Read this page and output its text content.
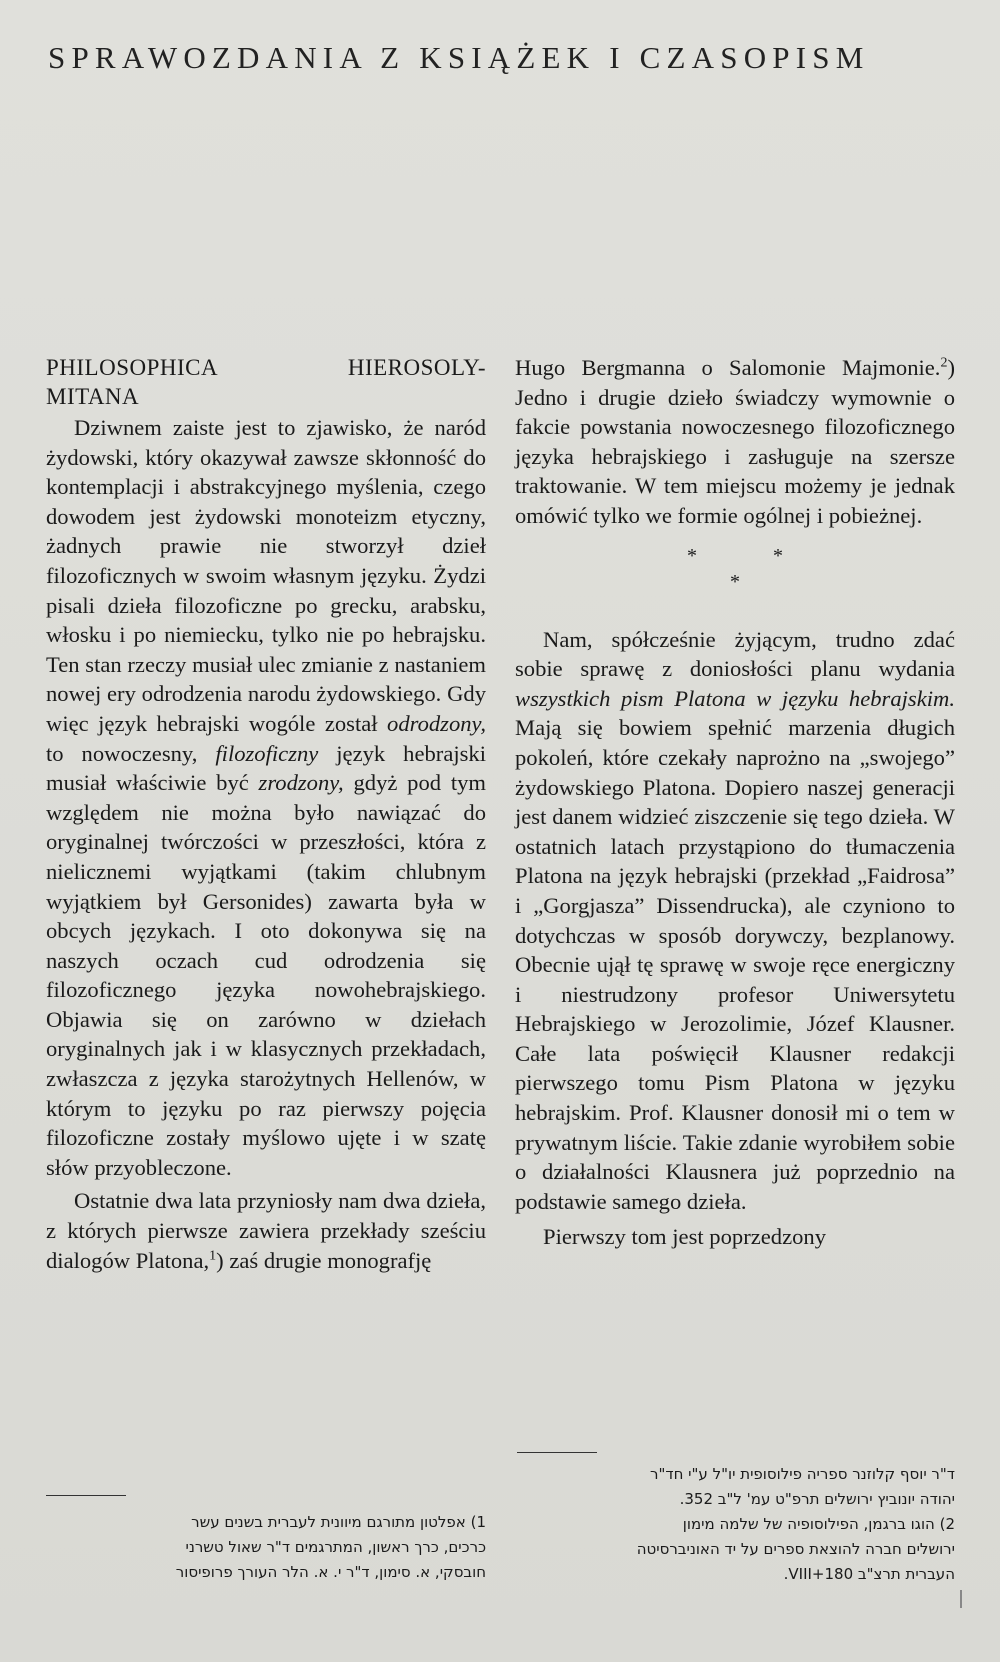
SPRAWOZDANIA Z KSIĄŻEK I CZASOPISM
PHILOSOPHICA	HIEROSOLY-
MITANA

Dziwnem zaiste jest to zjawisko, że naród żydowski, który okazywał zawsze skłonność do kontemplacji i abstrakcyjnego myślenia, czego dowodem jest żydowski monoteizm etyczny, żadnych prawie nie stworzył dzieł filozoficznych w swoim własnym języku. Żydzi pisali dzieła filozoficzne po grecku, arabsku, włosku i po niemiecku, tylko nie po hebrajsku. Ten stan rzeczy musiał ulec zmianie z nastaniem nowej ery odrodzenia narodu żydowskiego. Gdy więc język hebrajski wogóle został odrodzony, to nowoczesny, filozoficzny język hebrajski musiał właściwie być zrodzony, gdyż pod tym względem nie można było nawiązać do oryginalnej twórczości w przeszłości, która z nielicznemi wyjątkami (takim chlubnym wyjątkiem był Gersonides) zawarta była w obcych językach. I oto dokonywa się na naszych oczach cud odrodzenia się filozoficznego języka nowohebrajskiego. Objawia się on zarówno w dziełach oryginalnych jak i w klasycznych przekładach, zwłaszcza z języka starożytnych Hellenów, w którym to języku po raz pierwszy pojęcia filozoficzne zostały myślowo ujęte i w szatę słów przyobleczone.

Ostatnie dwa lata przyniosły nam dwa dzieła, z których pierwsze zawiera przekłady sześciu dialogów Platona,$^1$) zaś drugie monografję

Hugo Bergmanna o Salomonie Majmonie.$^2$) Jedno i drugie dzieło świadczy wymownie o fakcie powstania nowoczesnego filozoficznego języka hebrajskiego i zasługuje na szersze traktowanie. W tem miejscu możemy je jednak omówić tylko we formie ogólnej i pobieżnej.

*	*
*

Nam, spółcześnie żyjącym, trudno zdać sobie sprawę z doniosłości planu wydania wszystkich pism Platona w języku hebrajskim. Mają się bowiem spełnić marzenia długich pokoleń, które czekały naprożno na „swojego” żydowskiego Platona. Dopiero naszej generacji jest danem widzieć ziszczenie się tego dzieła. W ostatnich latach przystąpiono do tłumaczenia Platona na język hebrajski (przekład „Faidrosa” i „Gorgjasza” Dissendrucka), ale czyniono to dotychczas w sposób dorywczy, bezplanowy. Obecnie ujął tę sprawę w swoje ręce energiczny i niestrudzony profesor Uniwersytetu Hebrajskiego w Jerozolimie, Józef Klausner. Całe lata poświęcił Klausner redakcji pierwszego tomu Pism Platona w języku hebrajskim. Prof. Klausner donosił mi o tem w prywatnym liście. Takie zdanie wyrobiłem sobie o działalności Klausnera już poprzednio na podstawie samego dzieła.

Pierwszy tom jest poprzedzony

1) אפלטון מתורגם מיוונית לעברית בשנים עשר

כרכים, כרך ראשון, המתרגמים ד"ר שאול טשרני

חובסקי, א. סימון, ד"ר י. א. הלר העורך פרופיסור

ד"ר יוסף קלוזנר ספריה פילוסופית יו"ל ע"י חד"ר

יהודה יונוביץ ירושלים תרפ"ט עמ' ל"ב 352.

2) הוגו ברגמן, הפילוסופיה של שלמה מימון

ירושלים חברה להוצאת ספרים על יד האוניברסיטה

העברית תרצ"ב VIII+180.
